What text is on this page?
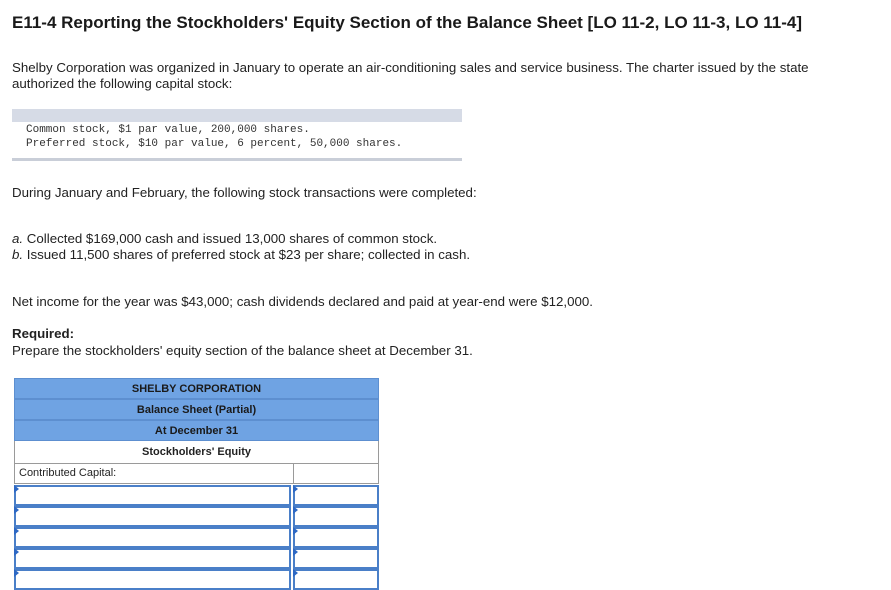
E11-4 Reporting the Stockholders' Equity Section of the Balance Sheet [LO 11-2, LO 11-3, LO 11-4]

Shelby Corporation was organized in January to operate an air-conditioning sales and service business. The charter issued by the state authorized the following capital stock:

Common stock, $1 par value, 200,000 shares.
Preferred stock, $10 par value, 6 percent, 50,000 shares.

During January and February, the following stock transactions were completed:

a. Collected $169,000 cash and issued 13,000 shares of common stock.

b. Issued 11,500 shares of preferred stock at $23 per share; collected in cash.

Net income for the year was $43,000; cash dividends declared and paid at year-end were $12,000.

Required:

Prepare the stockholders' equity section of the balance sheet at December 31.

SHELBY CORPORATION
Balance Sheet (Partial)
At December 31
Stockholders' Equity
Contributed Capital:
